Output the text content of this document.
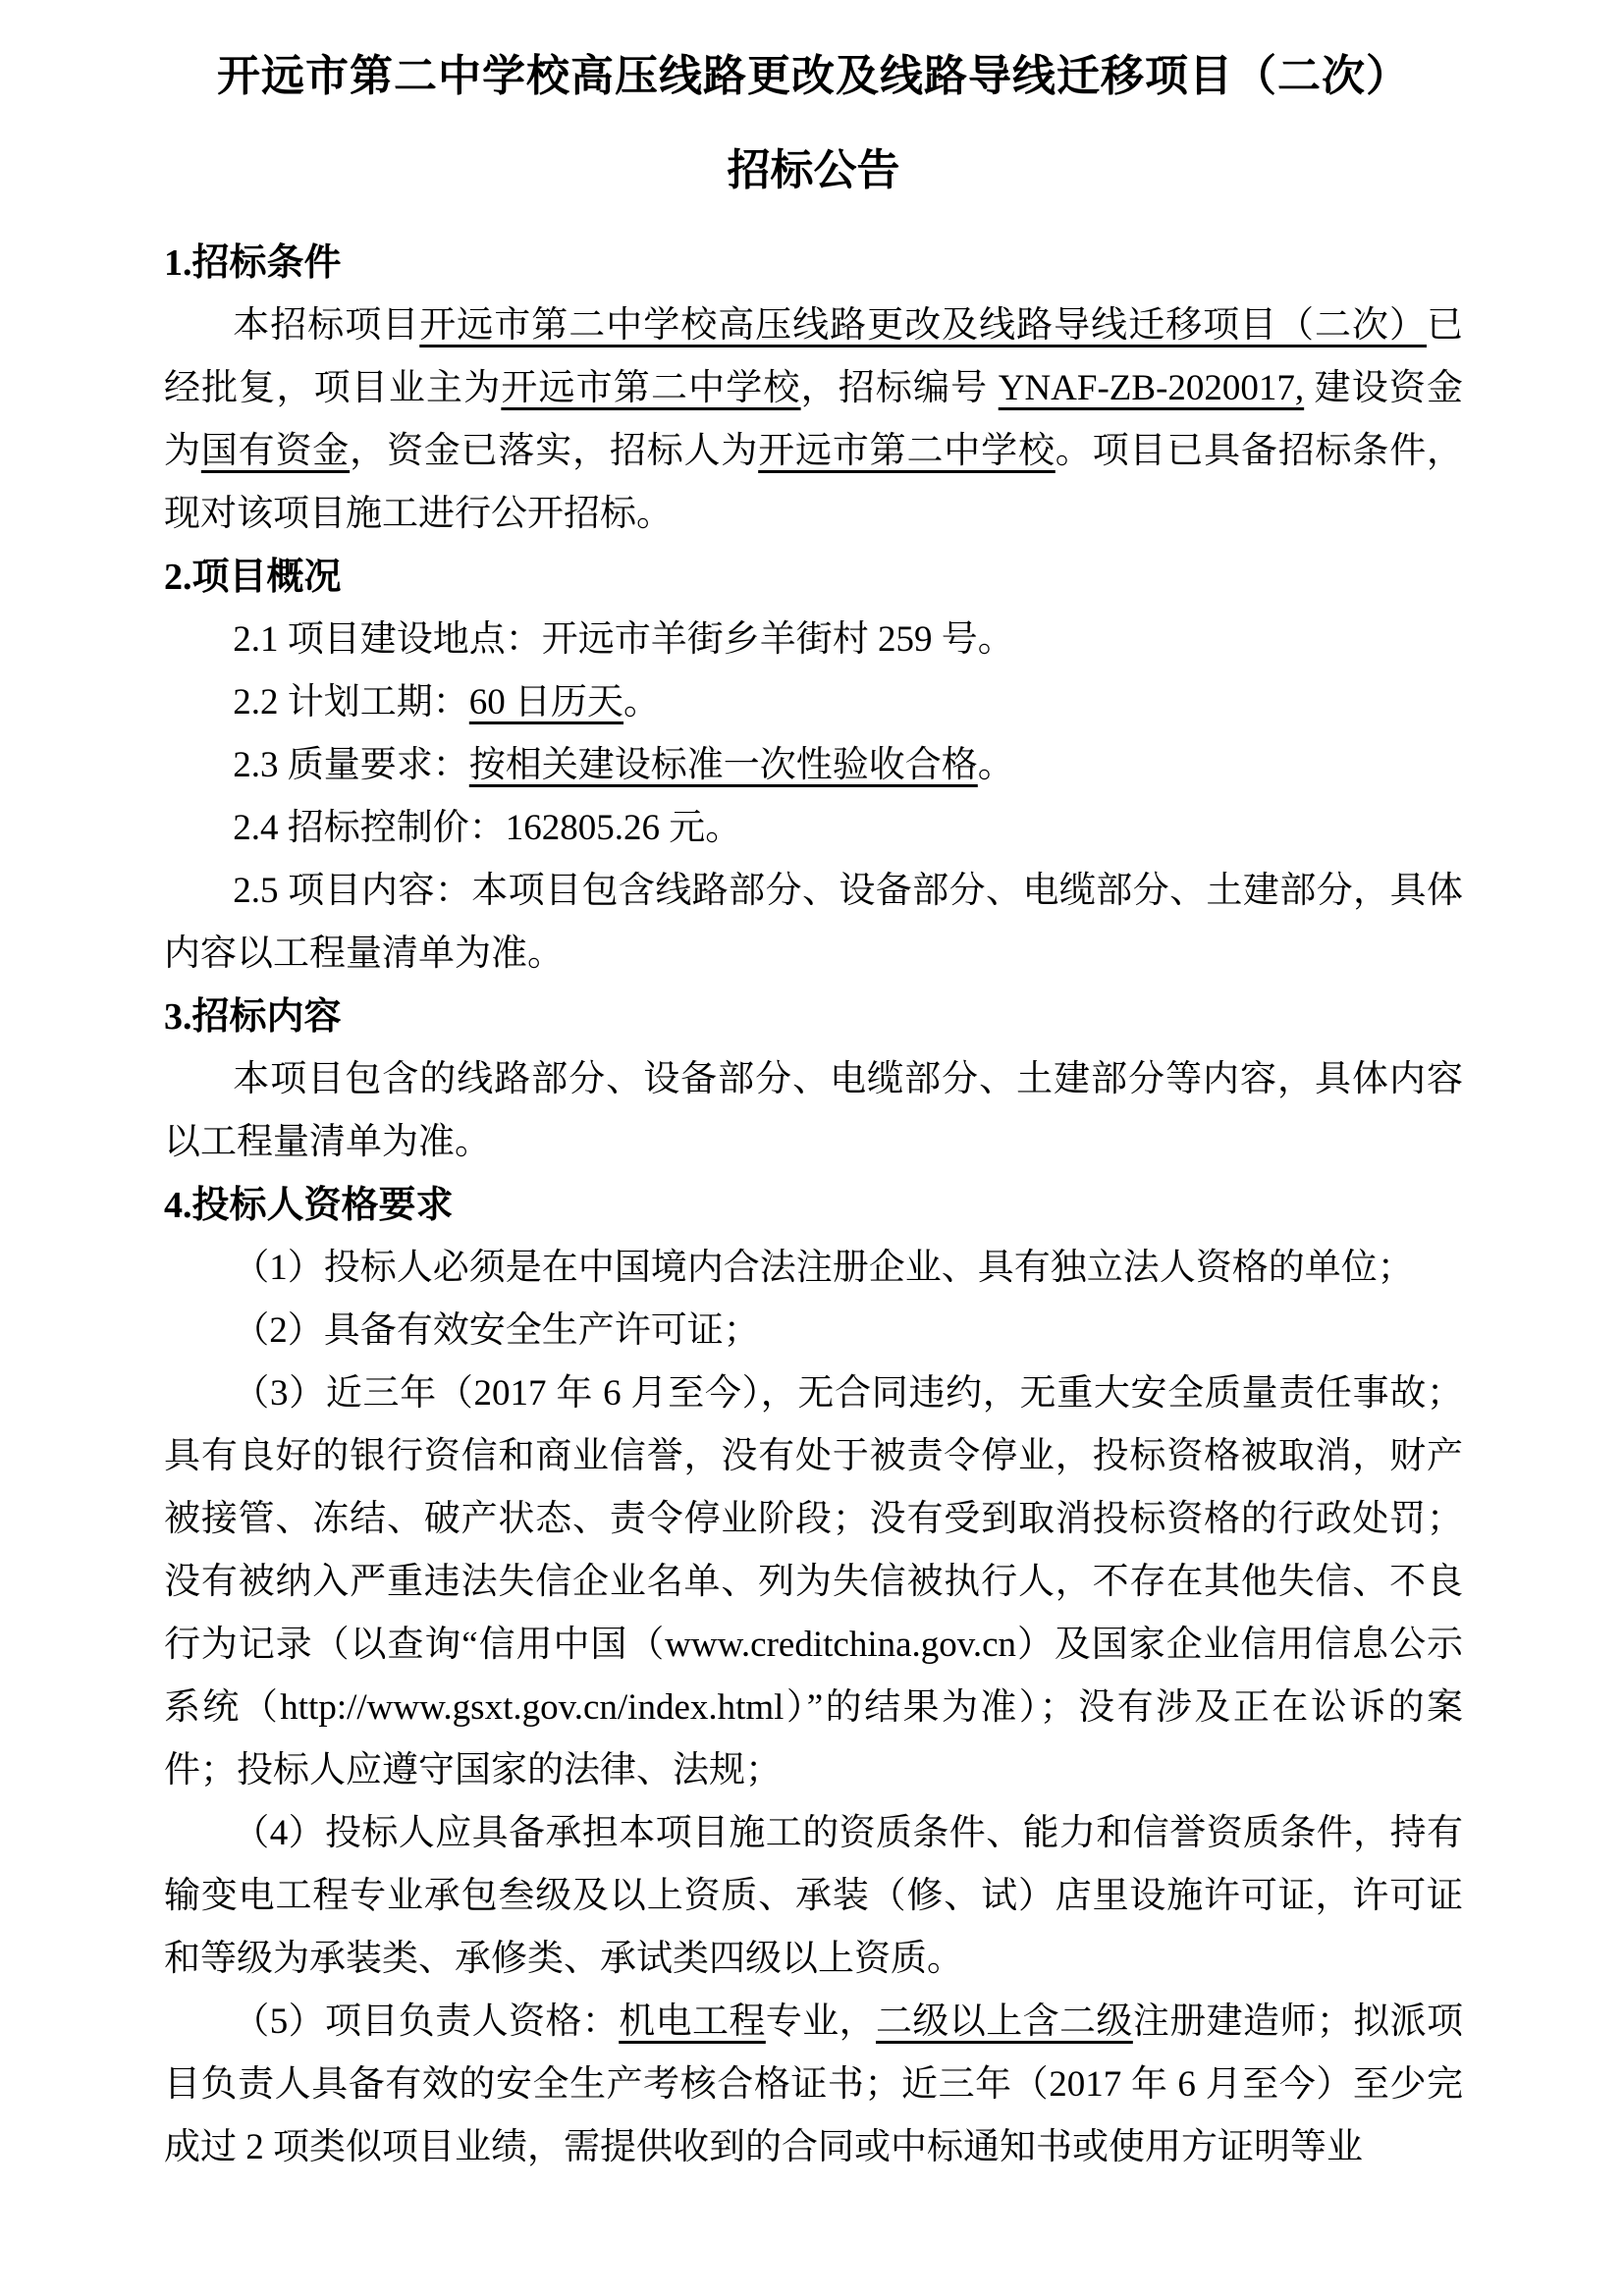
开远市第二中学校高压线路更改及线路导线迁移项目（二次）
招标公告
1.招标条件
本招标项目开远市第二中学校高压线路更改及线路导线迁移项目（二次）已经批复，项目业主为开远市第二中学校，招标编号 YNAF-ZB-2020017, 建设资金为国有资金，资金已落实，招标人为开远市第二中学校。项目已具备招标条件，现对该项目施工进行公开招标。
2.项目概况
2.1 项目建设地点：开远市羊街乡羊街村 259 号。
2.2 计划工期：60 日历天。
2.3 质量要求：按相关建设标准一次性验收合格。
2.4 招标控制价：162805.26 元。
2.5 项目内容：本项目包含线路部分、设备部分、电缆部分、土建部分，具体内容以工程量清单为准。
3.招标内容
本项目包含的线路部分、设备部分、电缆部分、土建部分等内容，具体内容以工程量清单为准。
4.投标人资格要求
（1）投标人必须是在中国境内合法注册企业、具有独立法人资格的单位；
（2）具备有效安全生产许可证；
（3）近三年（2017 年 6 月至今），无合同违约，无重大安全质量责任事故；具有良好的银行资信和商业信誉，没有处于被责令停业，投标资格被取消，财产被接管、冻结、破产状态、责令停业阶段；没有受到取消投标资格的行政处罚；没有被纳入严重违法失信企业名单、列为失信被执行人，不存在其他失信、不良行为记录（以查询“信用中国（www.creditchina.gov.cn）及国家企业信用信息公示系统（http://www.gsxt.gov.cn/index.html）”的结果为准）；没有涉及正在讼诉的案件；投标人应遵守国家的法律、法规；
（4）投标人应具备承担本项目施工的资质条件、能力和信誉资质条件，持有输变电工程专业承包叁级及以上资质、承装（修、试）店里设施许可证，许可证和等级为承装类、承修类、承试类四级以上资质。
（5）项目负责人资格：机电工程专业，二级以上含二级注册建造师；拟派项目负责人具备有效的安全生产考核合格证书；近三年（2017 年 6 月至今）至少完成过 2 项类似项目业绩，需提供收到的合同或中标通知书或使用方证明等业
